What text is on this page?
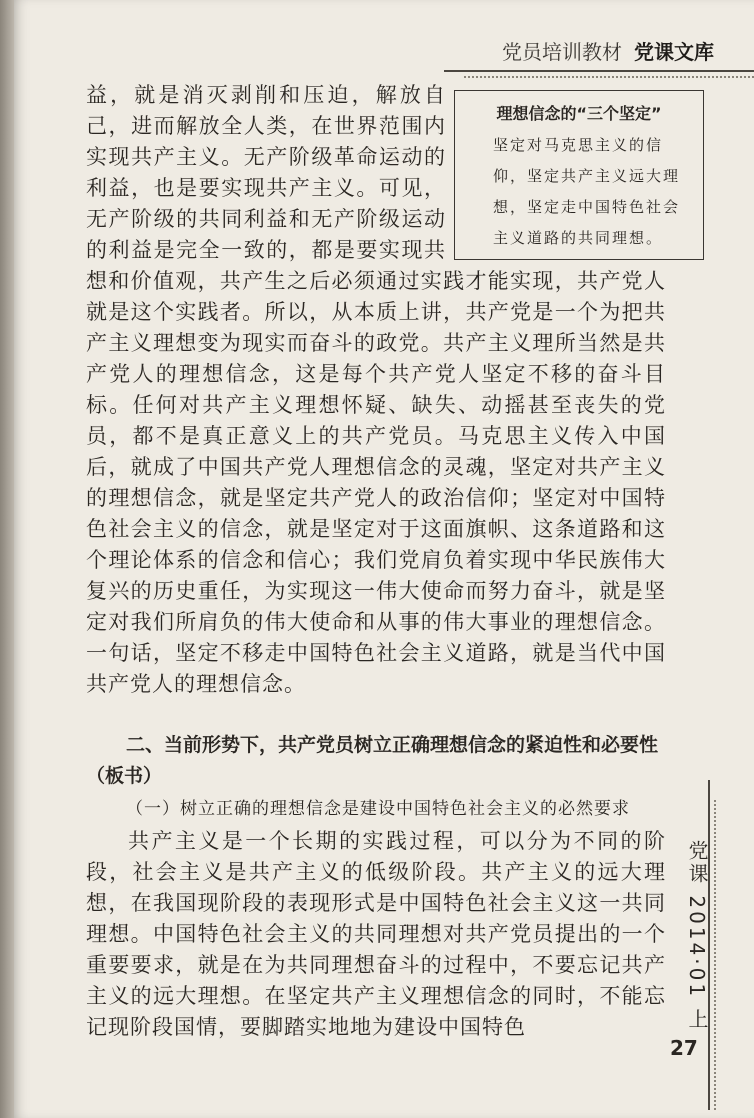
党员培训教材 党课文库
理想信念的“三个坚定”
坚定对马克思主义的信仰，坚定共产主义远大理想，坚定走中国特色社会主义道路的共同理想。
益，就是消灭剥削和压迫，解放自己，进而解放全人类，在世界范围内实现共产主义。无产阶级革命运动的利益，也是要实现共产主义。可见，无产阶级的共同利益和无产阶级运动的利益是完全一致的，都是要实现共
想和价值观，共产生之后必须通过实践才能实现，共产党人就是这个实践者。所以，从本质上讲，共产党是一个为把共产主义理想变为现实而奋斗的政党。共产主义理所当然是共产党人的理想信念，这是每个共产党人坚定不移的奋斗目标。任何对共产主义理想怀疑、缺失、动摇甚至丧失的党员，都不是真正意义上的共产党员。马克思主义传入中国后，就成了中国共产党人理想信念的灵魂，坚定对共产主义的理想信念，就是坚定共产党人的政治信仰；坚定对中国特色社会主义的信念，就是坚定对于这面旗帜、这条道路和这个理论体系的信念和信心；我们党肩负着实现中华民族伟大复兴的历史重任，为实现这一伟大使命而努力奋斗，就是坚定对我们所肩负的伟大使命和从事的伟大事业的理想信念。一句话，坚定不移走中国特色社会主义道路，就是当代中国共产党人的理想信念。
二、当前形势下，共产党员树立正确理想信念的紧迫性和必要性（板书）
（一）树立正确的理想信念是建设中国特色社会主义的必然要求
共产主义是一个长期的实践过程，可以分为不同的阶段，社会主义是共产主义的低级阶段。共产主义的远大理想，在我国现阶段的表现形式是中国特色社会主义这一共同理想。中国特色社会主义的共同理想对共产党员提出的一个重要要求，就是在为共同理想奋斗的过程中，不要忘记共产主义的远大理想。在坚定共产主义理想信念的同时，不能忘记现阶段国情，要脚踏实地地为建设中国特色	党课 2014·01 上
27
